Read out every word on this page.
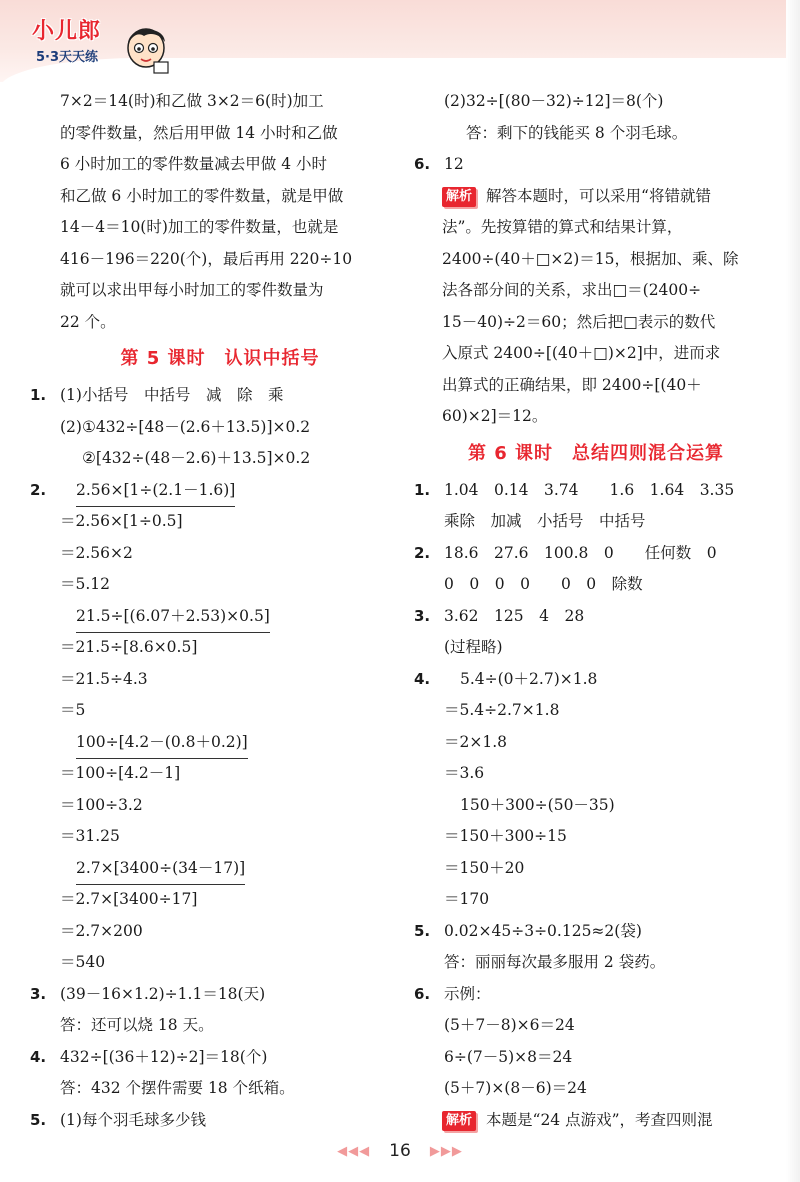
小儿郎
5·3天天练
7×2＝14(时)和乙做 3×2＝6(时)加工
的零件数量，然后用甲做 14 小时和乙做
6 小时加工的零件数量减去甲做 4 小时
和乙做 6 小时加工的零件数量，就是甲做
14－4＝10(时)加工的零件数量，也就是
416－196＝220(个)，最后再用 220÷10
就可以求出甲每小时加工的零件数量为
22 个。
第 5 课时　认识中括号
1. (1)小括号　中括号　减　除　乘
(2)①432÷[48－(2.6＋13.5)]×0.2
②[432÷(48－2.6)＋13.5]×0.2
2. 2.56×[1÷(2.1－1.6)]
＝2.56×[1÷0.5]
＝2.56×2
＝5.12
21.5÷[(6.07＋2.53)×0.5]
＝21.5÷[8.6×0.5]
＝21.5÷4.3
＝5
100÷[4.2－(0.8＋0.2)]
＝100÷[4.2－1]
＝100÷3.2
＝31.25
2.7×[3400÷(34－17)]
＝2.7×[3400÷17]
＝2.7×200
＝540
3. (39－16×1.2)÷1.1＝18(天)
答：还可以烧 18 天。
4. 432÷[(36＋12)÷2]＝18(个)
答：432 个摆件需要 18 个纸箱。
5. (1)每个羽毛球多少钱
(2)32÷[(80－32)÷12]＝8(个)
答：剩下的钱能买 8 个羽毛球。
6. 12
解析 解答本题时，可以采用“将错就错
法”。先按算错的算式和结果计算，
2400÷(40＋□×2)＝15，根据加、乘、除
法各部分间的关系，求出□＝(2400÷
15－40)÷2＝60；然后把□表示的数代
入原式 2400÷[(40＋□)×2]中，进而求
出算式的正确结果，即 2400÷[(40＋
60)×2]＝12。
第 6 课时　总结四则混合运算
1. 1.04　0.14　3.74　　1.6　1.64　3.35
乘除　加减　小括号　中括号
2. 18.6　27.6　100.8　0　　任何数　0
0　0　0　0　　0　0　除数
3. 3.62　125　4　28
(过程略)
4. 5.4÷(0＋2.7)×1.8
＝5.4÷2.7×1.8
＝2×1.8
＝3.6
150＋300÷(50－35)
＝150＋300÷15
＝150＋20
＝170
5. 0.02×45÷3÷0.125≈2(袋)
答：丽丽每次最多服用 2 袋药。
6. 示例：
(5＋7－8)×6＝24
6÷(7－5)×8＝24
(5＋7)×(8－6)＝24
解析 本题是“24 点游戏”，考查四则混
◀◀◀ 16 ▶▶▶
